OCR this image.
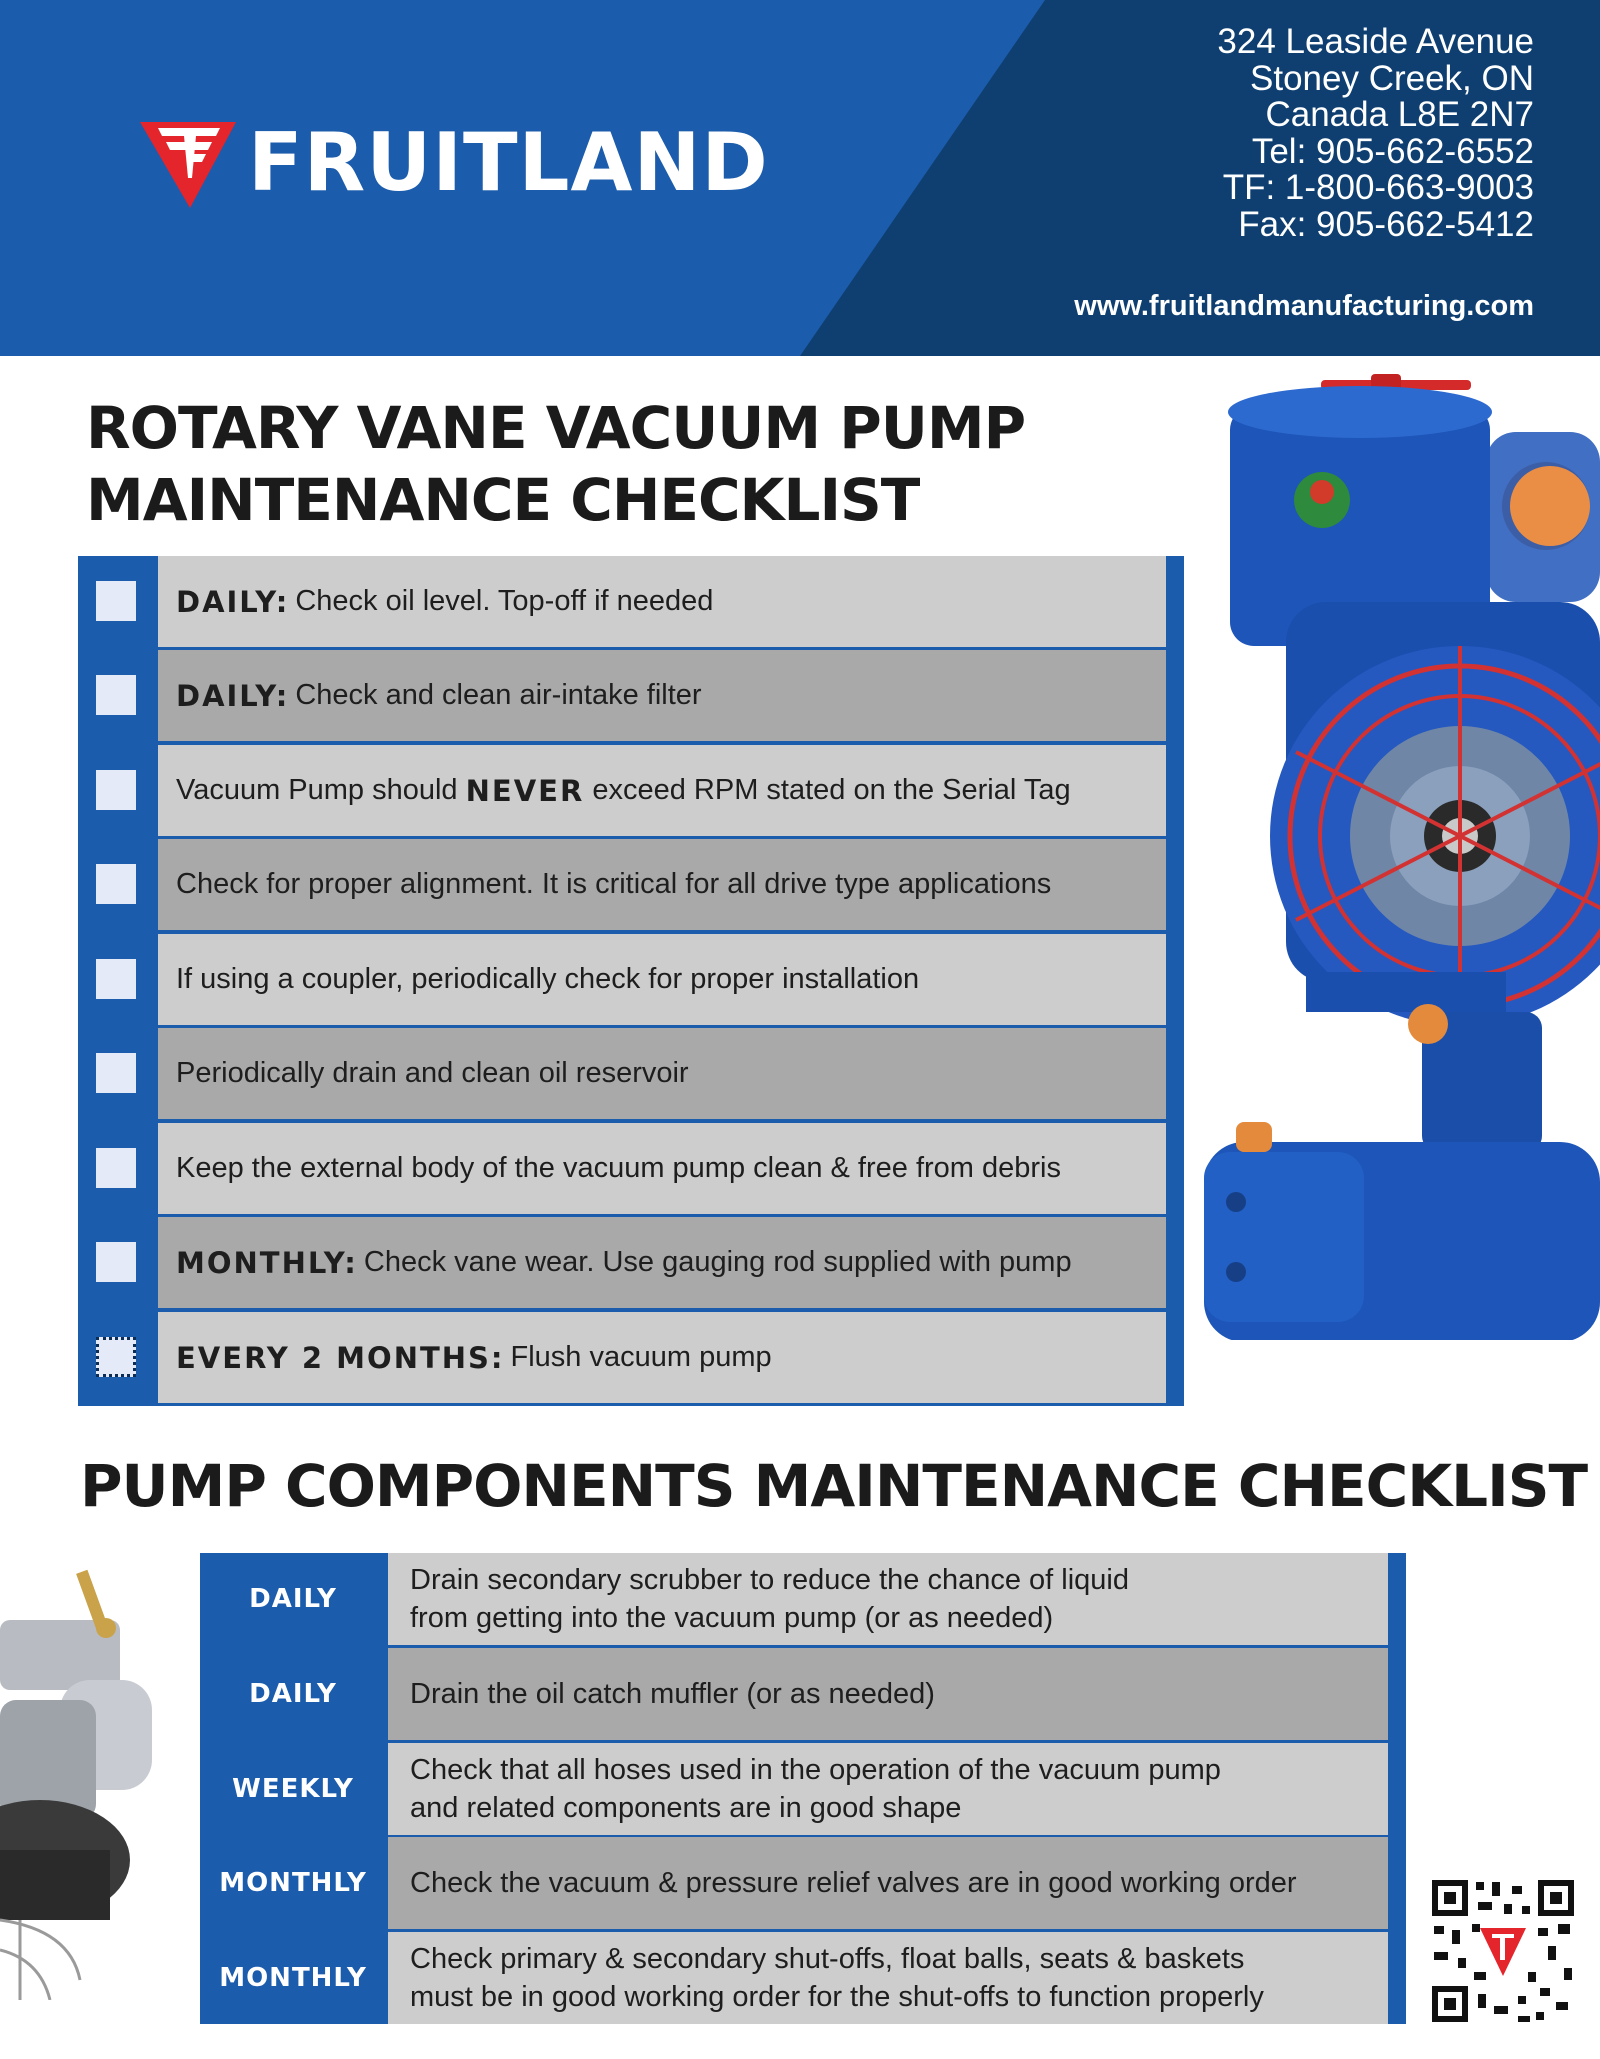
FRUITLAND
324 Leaside Avenue
Stoney Creek, ON
Canada L8E 2N7
Tel: 905-662-6552
TF: 1-800-663-9003
Fax: 905-662-5412
www.fruitlandmanufacturing.com
ROTARY VANE VACUUM PUMP
MAINTENANCE CHECKLIST
DAILY: Check oil level. Top-off if needed
DAILY: Check and clean air-intake filter
Vacuum Pump should NEVER exceed RPM stated on the Serial Tag
Check for proper alignment. It is critical for all drive type applications
If using a coupler, periodically check for proper installation
Periodically drain and clean oil reservoir
Keep the external body of the vacuum pump clean & free from debris
MONTHLY: Check vane wear. Use gauging rod supplied with pump
EVERY 2 MONTHS: Flush vacuum pump
PUMP COMPONENTS MAINTENANCE CHECKLIST
DAILY
Drain secondary scrubber to reduce the chance of liquid
from getting into the vacuum pump (or as needed)
DAILY	Drain the oil catch muffler (or as needed)
WEEKLY
Check that all hoses used in the operation of the vacuum pump
and related components are in good shape
MONTHLY	Check the vacuum & pressure relief valves are in good working order
MONTHLY
Check primary & secondary shut-offs, float balls, seats & baskets
must be in good working order for the shut-offs to function properly
